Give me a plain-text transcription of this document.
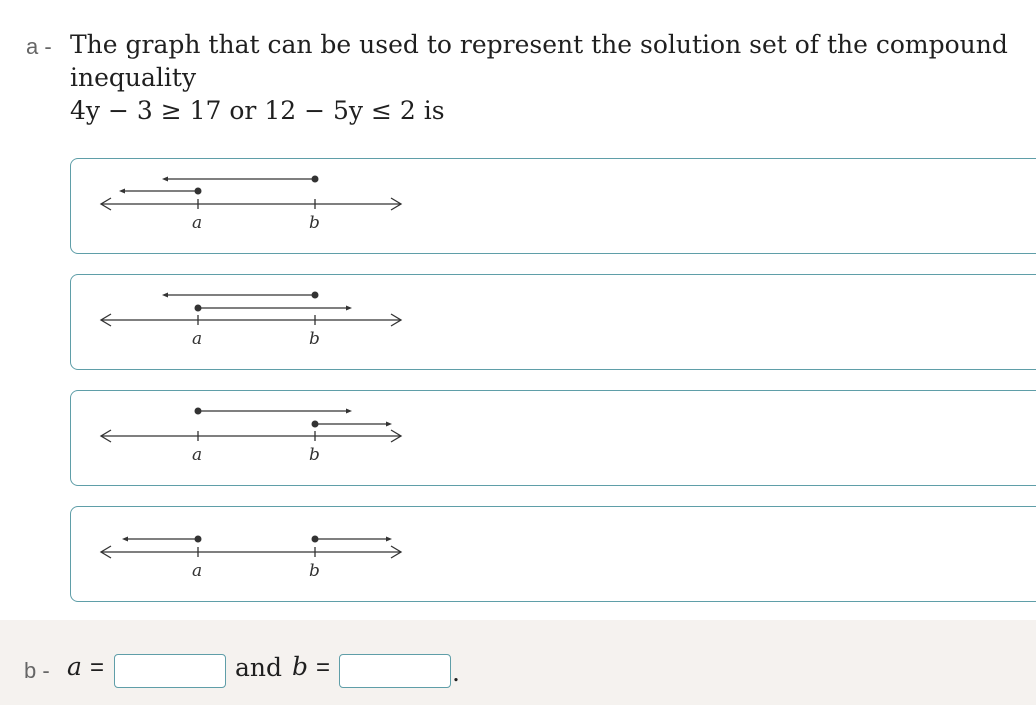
a - The graph that can be used to represent the solution set of the compound
inequality
4y − 3 ≥ 17 or 12 − 5y ≤ 2 is
a	b
a	b
a	b
a	b
b - a =	and b =	.
